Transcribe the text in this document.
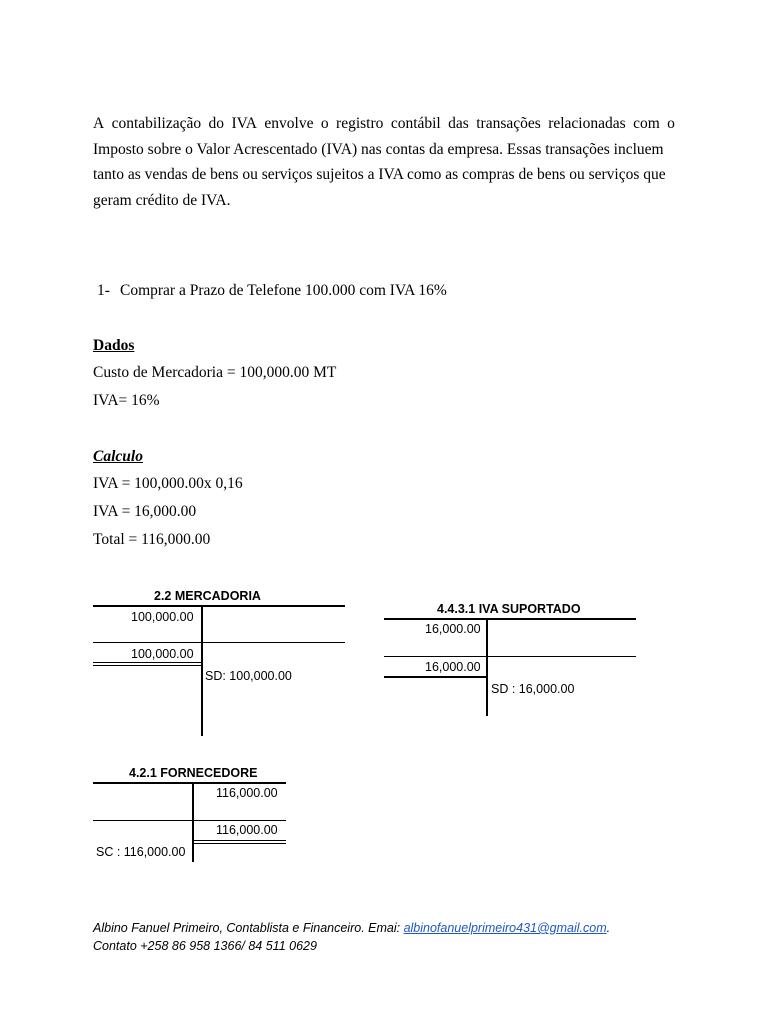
A contabilização do IVA envolve o registro contábil das transações relacionadas com o
Imposto sobre o Valor Acrescentado (IVA) nas contas da empresa. Essas transações incluem
tanto as vendas de bens ou serviços sujeitos a IVA como as compras de bens ou serviços que
geram crédito de IVA.
1- Comprar a Prazo de Telefone 100.000 com IVA 16%
Dados
Custo de Mercadoria = 100,000.00 MT
IVA= 16%
Calculo
IVA = 100,000.00x 0,16
IVA = 16,000.00
Total = 116,000.00
2.2 MERCADORIA
100,000.00
100,000.00
SD: 100,000.00
4.4.3.1 IVA SUPORTADO
16,000.00
16,000.00
SD : 16,000.00
4.2.1 FORNECEDORE
116,000.00
116,000.00
SC : 116,000.00
Albino Fanuel Primeiro, Contablista e Financeiro. Emai: albinofanuelprimeiro431@gmail.com.
Contato +258 86 958 1366/ 84 511 0629
